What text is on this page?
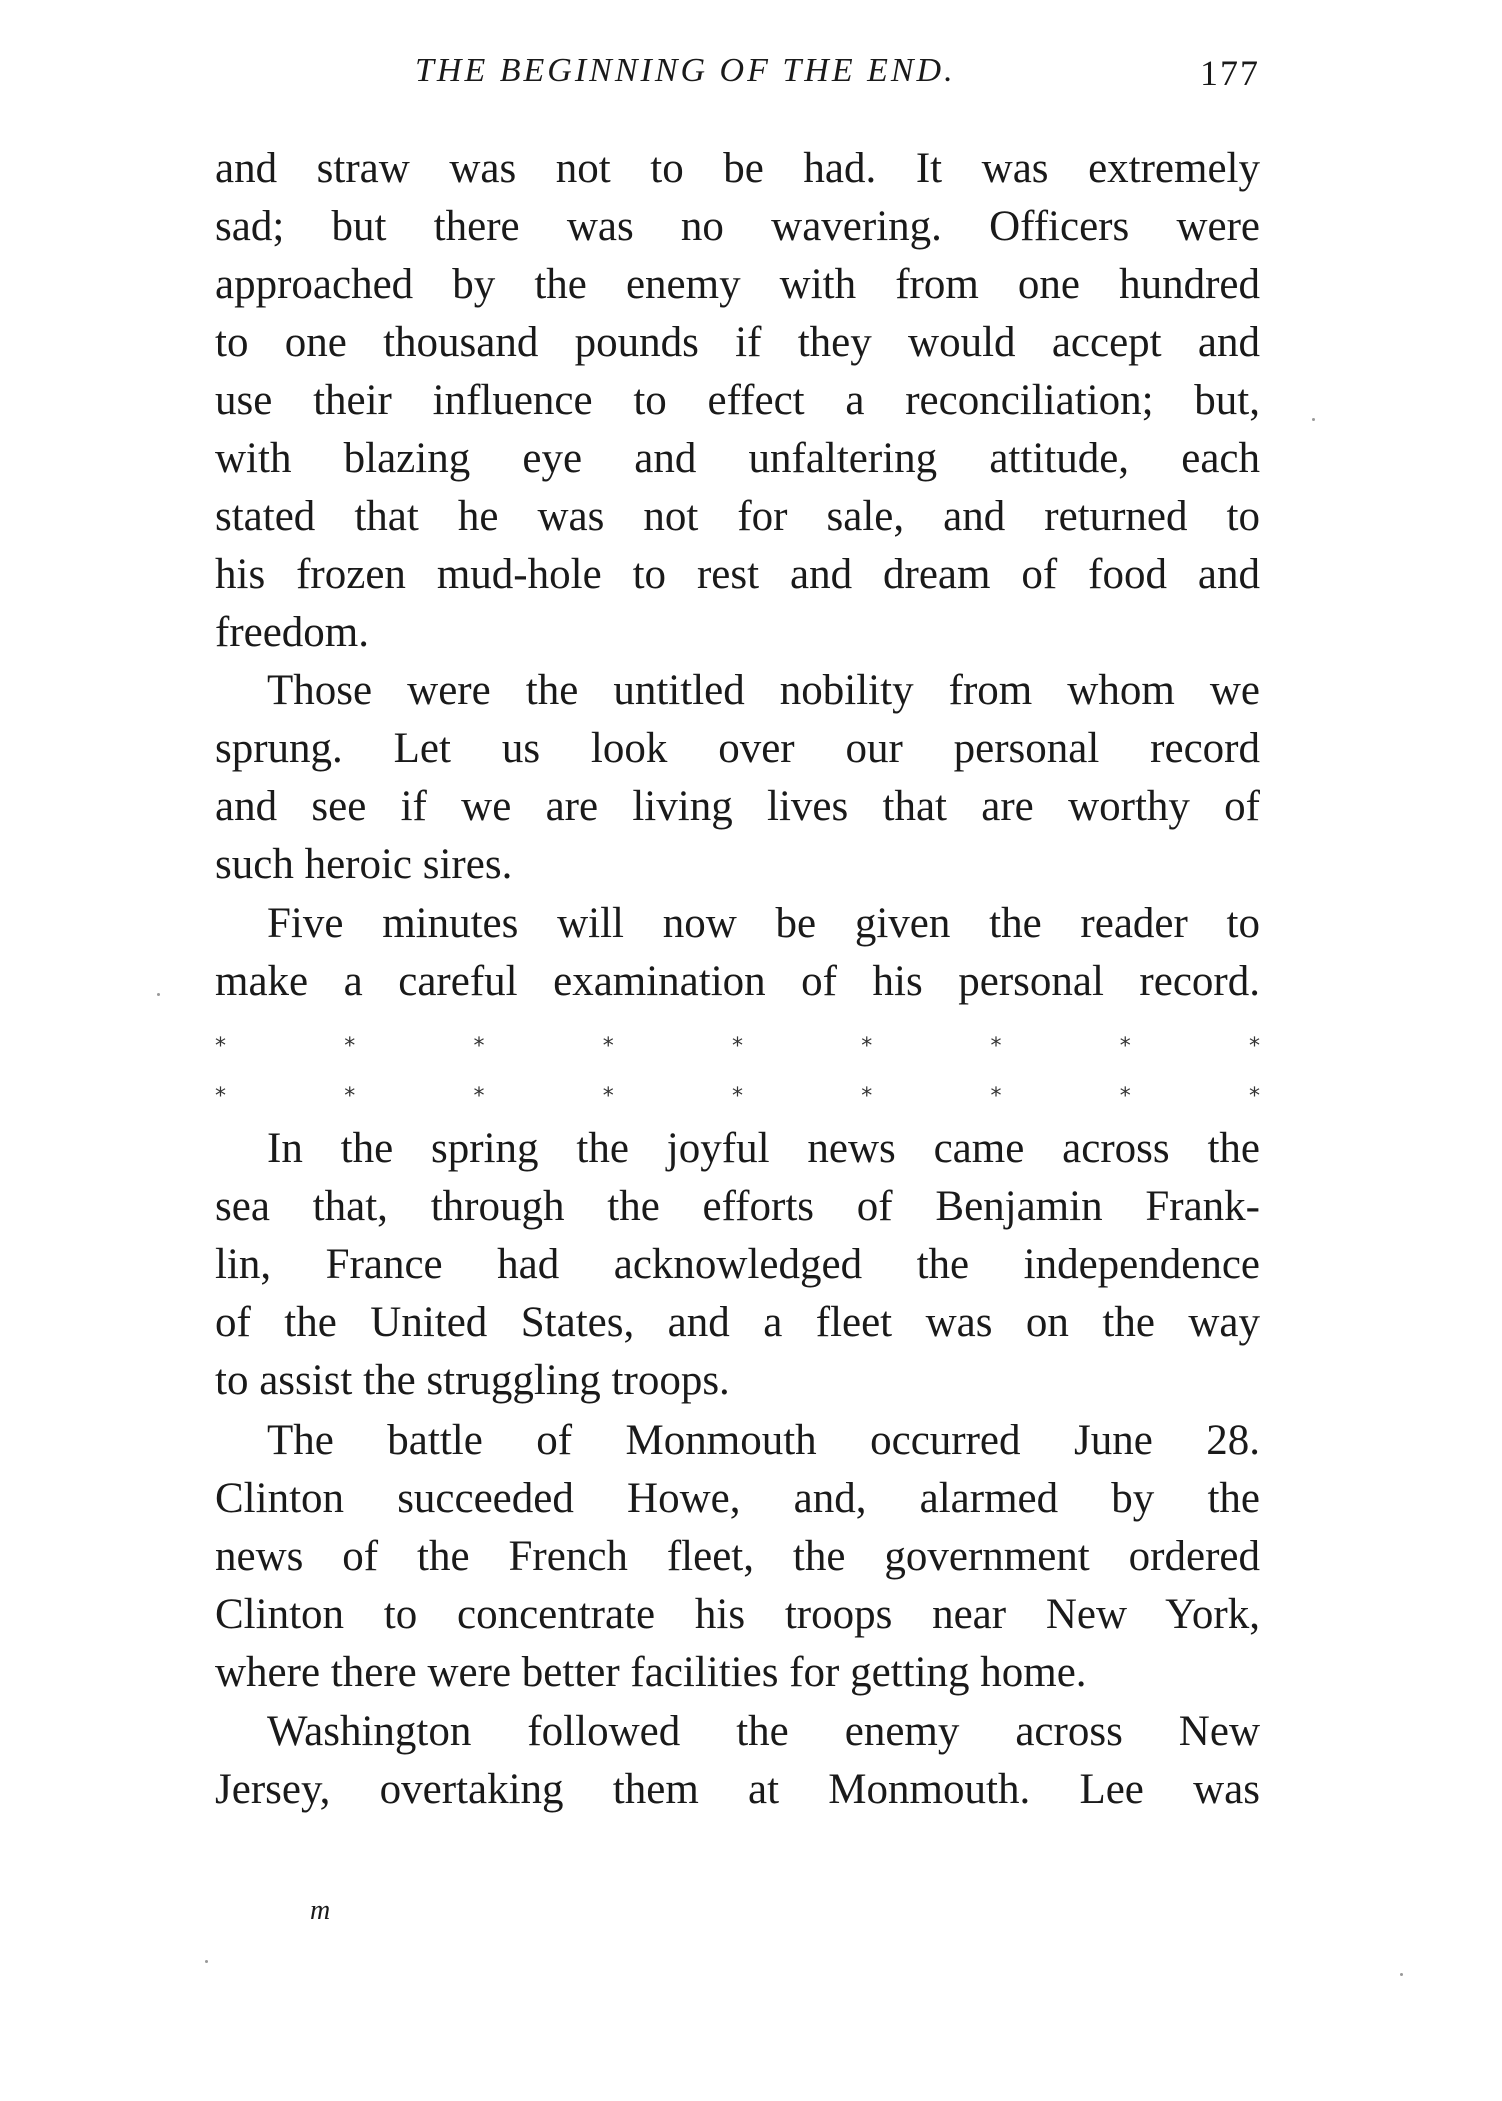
THE BEGINNING OF THE END.	177
and straw was not to be had. It was extremely
sad; but there was no wavering. Officers were
approached by the enemy with from one hundred
to one thousand pounds if they would accept and
use their influence to effect a reconciliation; but,
with blazing eye and unfaltering attitude, each
stated that he was not for sale, and returned to
his frozen mud-hole to rest and dream of food and
freedom.
Those were the untitled nobility from whom we
sprung. Let us look over our personal record
and see if we are living lives that are worthy of
such heroic sires.
Five minutes will now be given the reader to
make a careful examination of his personal record.
*	*	*	*	*	*	*	*	*
*	*	*	*	*	*	*	*	*
In the spring the joyful news came across the
sea that, through the efforts of Benjamin Frank-
lin, France had acknowledged the independence
of the United States, and a fleet was on the way
to assist the struggling troops.
The battle of Monmouth occurred June 28.
Clinton succeeded Howe, and, alarmed by the
news of the French fleet, the government ordered
Clinton to concentrate his troops near New York,
where there were better facilities for getting home.
Washington followed the enemy across New
Jersey, overtaking them at Monmouth. Lee was
m
